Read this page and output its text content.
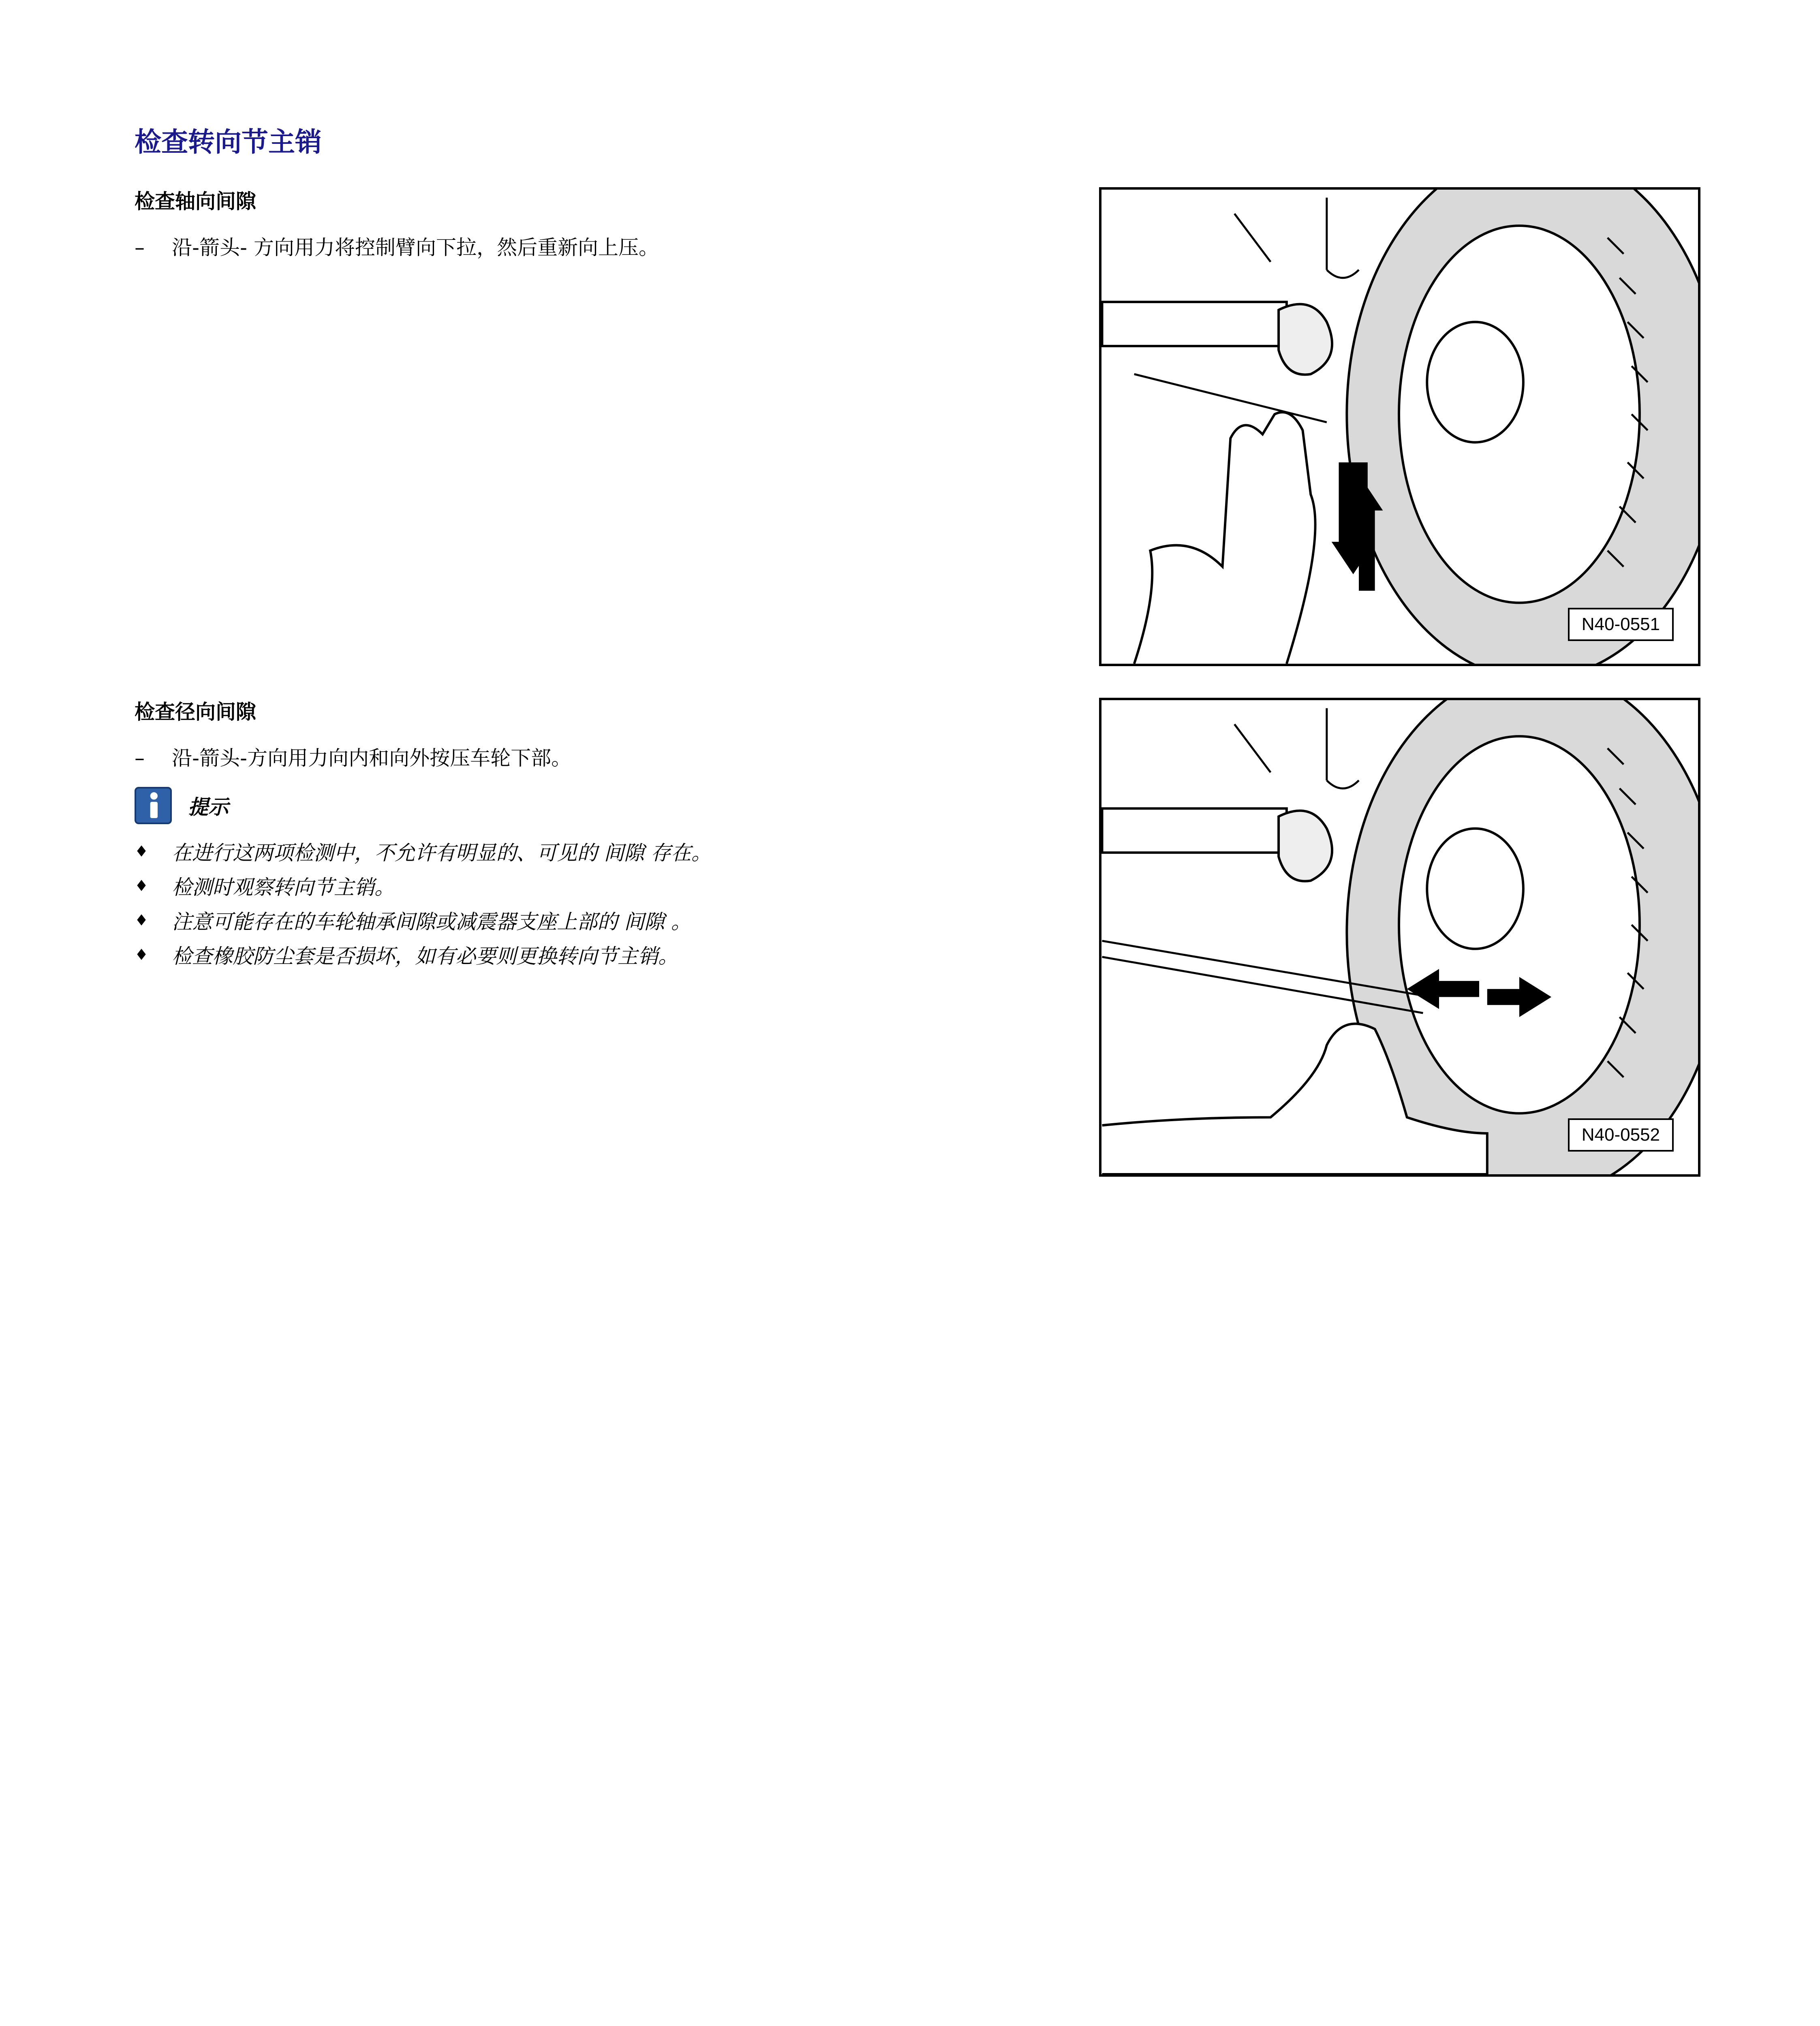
检查转向节主销
检查轴向间隙
– 沿-箭头- 方向用力将控制臂向下拉，然后重新向上压。
检查径向间隙
– 沿-箭头-方向用力向内和向外按压车轮下部。
提示
♦	在进行这两项检测中，不允许有明显的、可见的 间隙 存在。
♦	检测时观察转向节主销。
♦	注意可能存在的车轮轴承间隙或减震器支座上部的 间隙 。
♦	检查橡胶防尘套是否损坏，如有必要则更换转向节主销。
N40-0551
N40-0552
